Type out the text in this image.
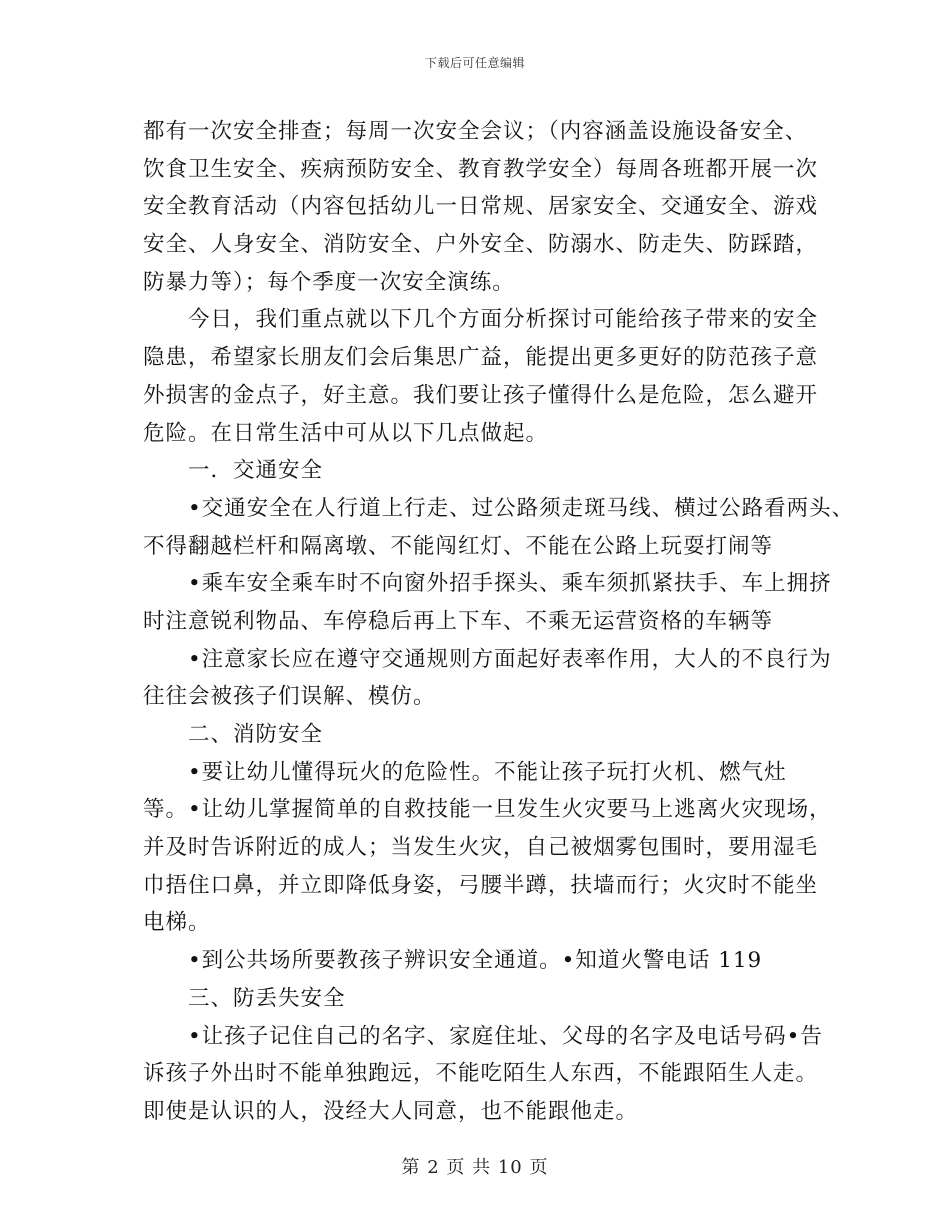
下载后可任意编辑
都有一次安全排查；每周一次安全会议；（内容涵盖设施设备安全、
饮食卫生安全、疾病预防安全、教育教学安全）每周各班都开展一次
安全教育活动（内容包括幼儿一日常规、居家安全、交通安全、游戏
安全、人身安全、消防安全、户外安全、防溺水、防走失、防踩踏，
防暴力等）；每个季度一次安全演练。
今日，我们重点就以下几个方面分析探讨可能给孩子带来的安全
隐患，希望家长朋友们会后集思广益，能提出更多更好的防范孩子意
外损害的金点子，好主意。我们要让孩子懂得什么是危险，怎么避开
危险。在日常生活中可从以下几点做起。
一．交通安全
•交通安全在人行道上行走、过公路须走斑马线、横过公路看两头、
不得翻越栏杆和隔离墩、不能闯红灯、不能在公路上玩耍打闹等
•乘车安全乘车时不向窗外招手探头、乘车须抓紧扶手、车上拥挤
时注意锐利物品、车停稳后再上下车、不乘无运营资格的车辆等
•注意家长应在遵守交通规则方面起好表率作用，大人的不良行为
往往会被孩子们误解、模仿。
二、消防安全
•要让幼儿懂得玩火的危险性。不能让孩子玩打火机、燃气灶
等。•让幼儿掌握简单的自救技能一旦发生火灾要马上逃离火灾现场，
并及时告诉附近的成人；当发生火灾，自己被烟雾包围时，要用湿毛
巾捂住口鼻，并立即降低身姿，弓腰半蹲，扶墙而行；火灾时不能坐
电梯。
•到公共场所要教孩子辨识安全通道。•知道火警电话 119
三、防丢失安全
•让孩子记住自己的名字、家庭住址、父母的名字及电话号码•告
诉孩子外出时不能单独跑远，不能吃陌生人东西，不能跟陌生人走。
即使是认识的人，没经大人同意，也不能跟他走。
第 2 页 共 10 页
